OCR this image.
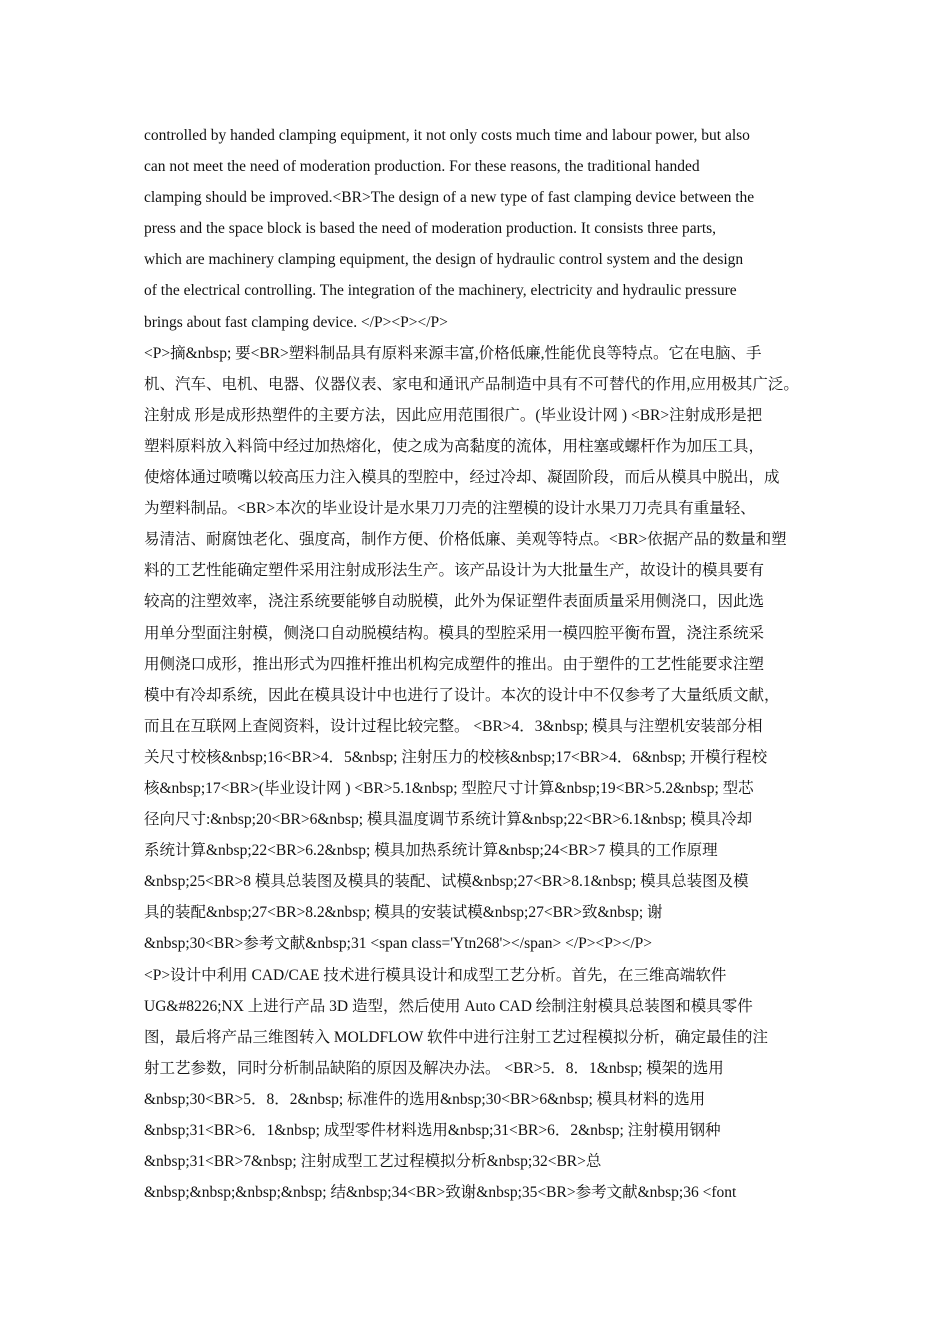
controlled by handed clamping equipment, it not only costs much time and labour power, but also
can not meet the need of moderation production. For these reasons, the traditional handed
clamping should be improved.<BR>The design of a new type of fast clamping device between the
press and the space block is based the need of moderation production. It consists three parts,
which are machinery clamping equipment, the design of hydraulic control system and the design
of the electrical controlling. The integration of the machinery, electricity and hydraulic pressure
brings about fast clamping device. </P><P></P>
<P>摘&nbsp; 要<BR>塑料制品具有原料来源丰富,价格低廉,性能优良等特点。它在电脑、手
机、汽车、电机、电器、仪器仪表、家电和通讯产品制造中具有不可替代的作用,应用极其广泛。
注射成 形是成形热塑件的主要方法，因此应用范围很广。(毕业设计网 ) <BR>注射成形是把
塑料原料放入料筒中经过加热熔化，使之成为高黏度的流体，用柱塞或螺杆作为加压工具，
使熔体通过喷嘴以较高压力注入模具的型腔中，经过冷却、凝固阶段，而后从模具中脱出，成
为塑料制品。<BR>本次的毕业设计是水果刀刀壳的注塑模的设计水果刀刀壳具有重量轻、
易清洁、耐腐蚀老化、强度高，制作方便、价格低廉、美观等特点。<BR>依据产品的数量和塑
料的工艺性能确定塑件采用注射成形法生产。该产品设计为大批量生产，故设计的模具要有
较高的注塑效率，浇注系统要能够自动脱模，此外为保证塑件表面质量采用侧浇口，因此选
用单分型面注射模，侧浇口自动脱模结构。模具的型腔采用一模四腔平衡布置，浇注系统采
用侧浇口成形，推出形式为四推杆推出机构完成塑件的推出。由于塑件的工艺性能要求注塑
模中有冷却系统，因此在模具设计中也进行了设计。本次的设计中不仅参考了大量纸质文献，
而且在互联网上查阅资料，设计过程比较完整。 <BR>4．3&nbsp; 模具与注塑机安装部分相
关尺寸校核&nbsp;16<BR>4．5&nbsp; 注射压力的校核&nbsp;17<BR>4．6&nbsp; 开模行程校
核&nbsp;17<BR>(毕业设计网 ) <BR>5.1&nbsp; 型腔尺寸计算&nbsp;19<BR>5.2&nbsp; 型芯
径向尺寸:&nbsp;20<BR>6&nbsp; 模具温度调节系统计算&nbsp;22<BR>6.1&nbsp; 模具冷却
系统计算&nbsp;22<BR>6.2&nbsp; 模具加热系统计算&nbsp;24<BR>7 模具的工作原理
&nbsp;25<BR>8 模具总装图及模具的装配、试模&nbsp;27<BR>8.1&nbsp; 模具总装图及模
具的装配&nbsp;27<BR>8.2&nbsp; 模具的安装试模&nbsp;27<BR>致&nbsp; 谢
&nbsp;30<BR>参考文献&nbsp;31 <span class='Ytn268'></span> </P><P></P>
<P>设计中利用 CAD/CAE 技术进行模具设计和成型工艺分析。首先，在三维高端软件
UG&#8226;NX 上进行产品 3D 造型，然后使用 Auto CAD 绘制注射模具总装图和模具零件
图，最后将产品三维图转入 MOLDFLOW 软件中进行注射工艺过程模拟分析，确定最佳的注
射工艺参数，同时分析制品缺陷的原因及解决办法。 <BR>5．8．1&nbsp; 模架的选用
&nbsp;30<BR>5．8．2&nbsp; 标准件的选用&nbsp;30<BR>6&nbsp; 模具材料的选用
&nbsp;31<BR>6．1&nbsp; 成型零件材料选用&nbsp;31<BR>6．2&nbsp; 注射模用钢种
&nbsp;31<BR>7&nbsp; 注射成型工艺过程模拟分析&nbsp;32<BR>总
&nbsp;&nbsp;&nbsp;&nbsp; 结&nbsp;34<BR>致谢&nbsp;35<BR>参考文献&nbsp;36 <font
